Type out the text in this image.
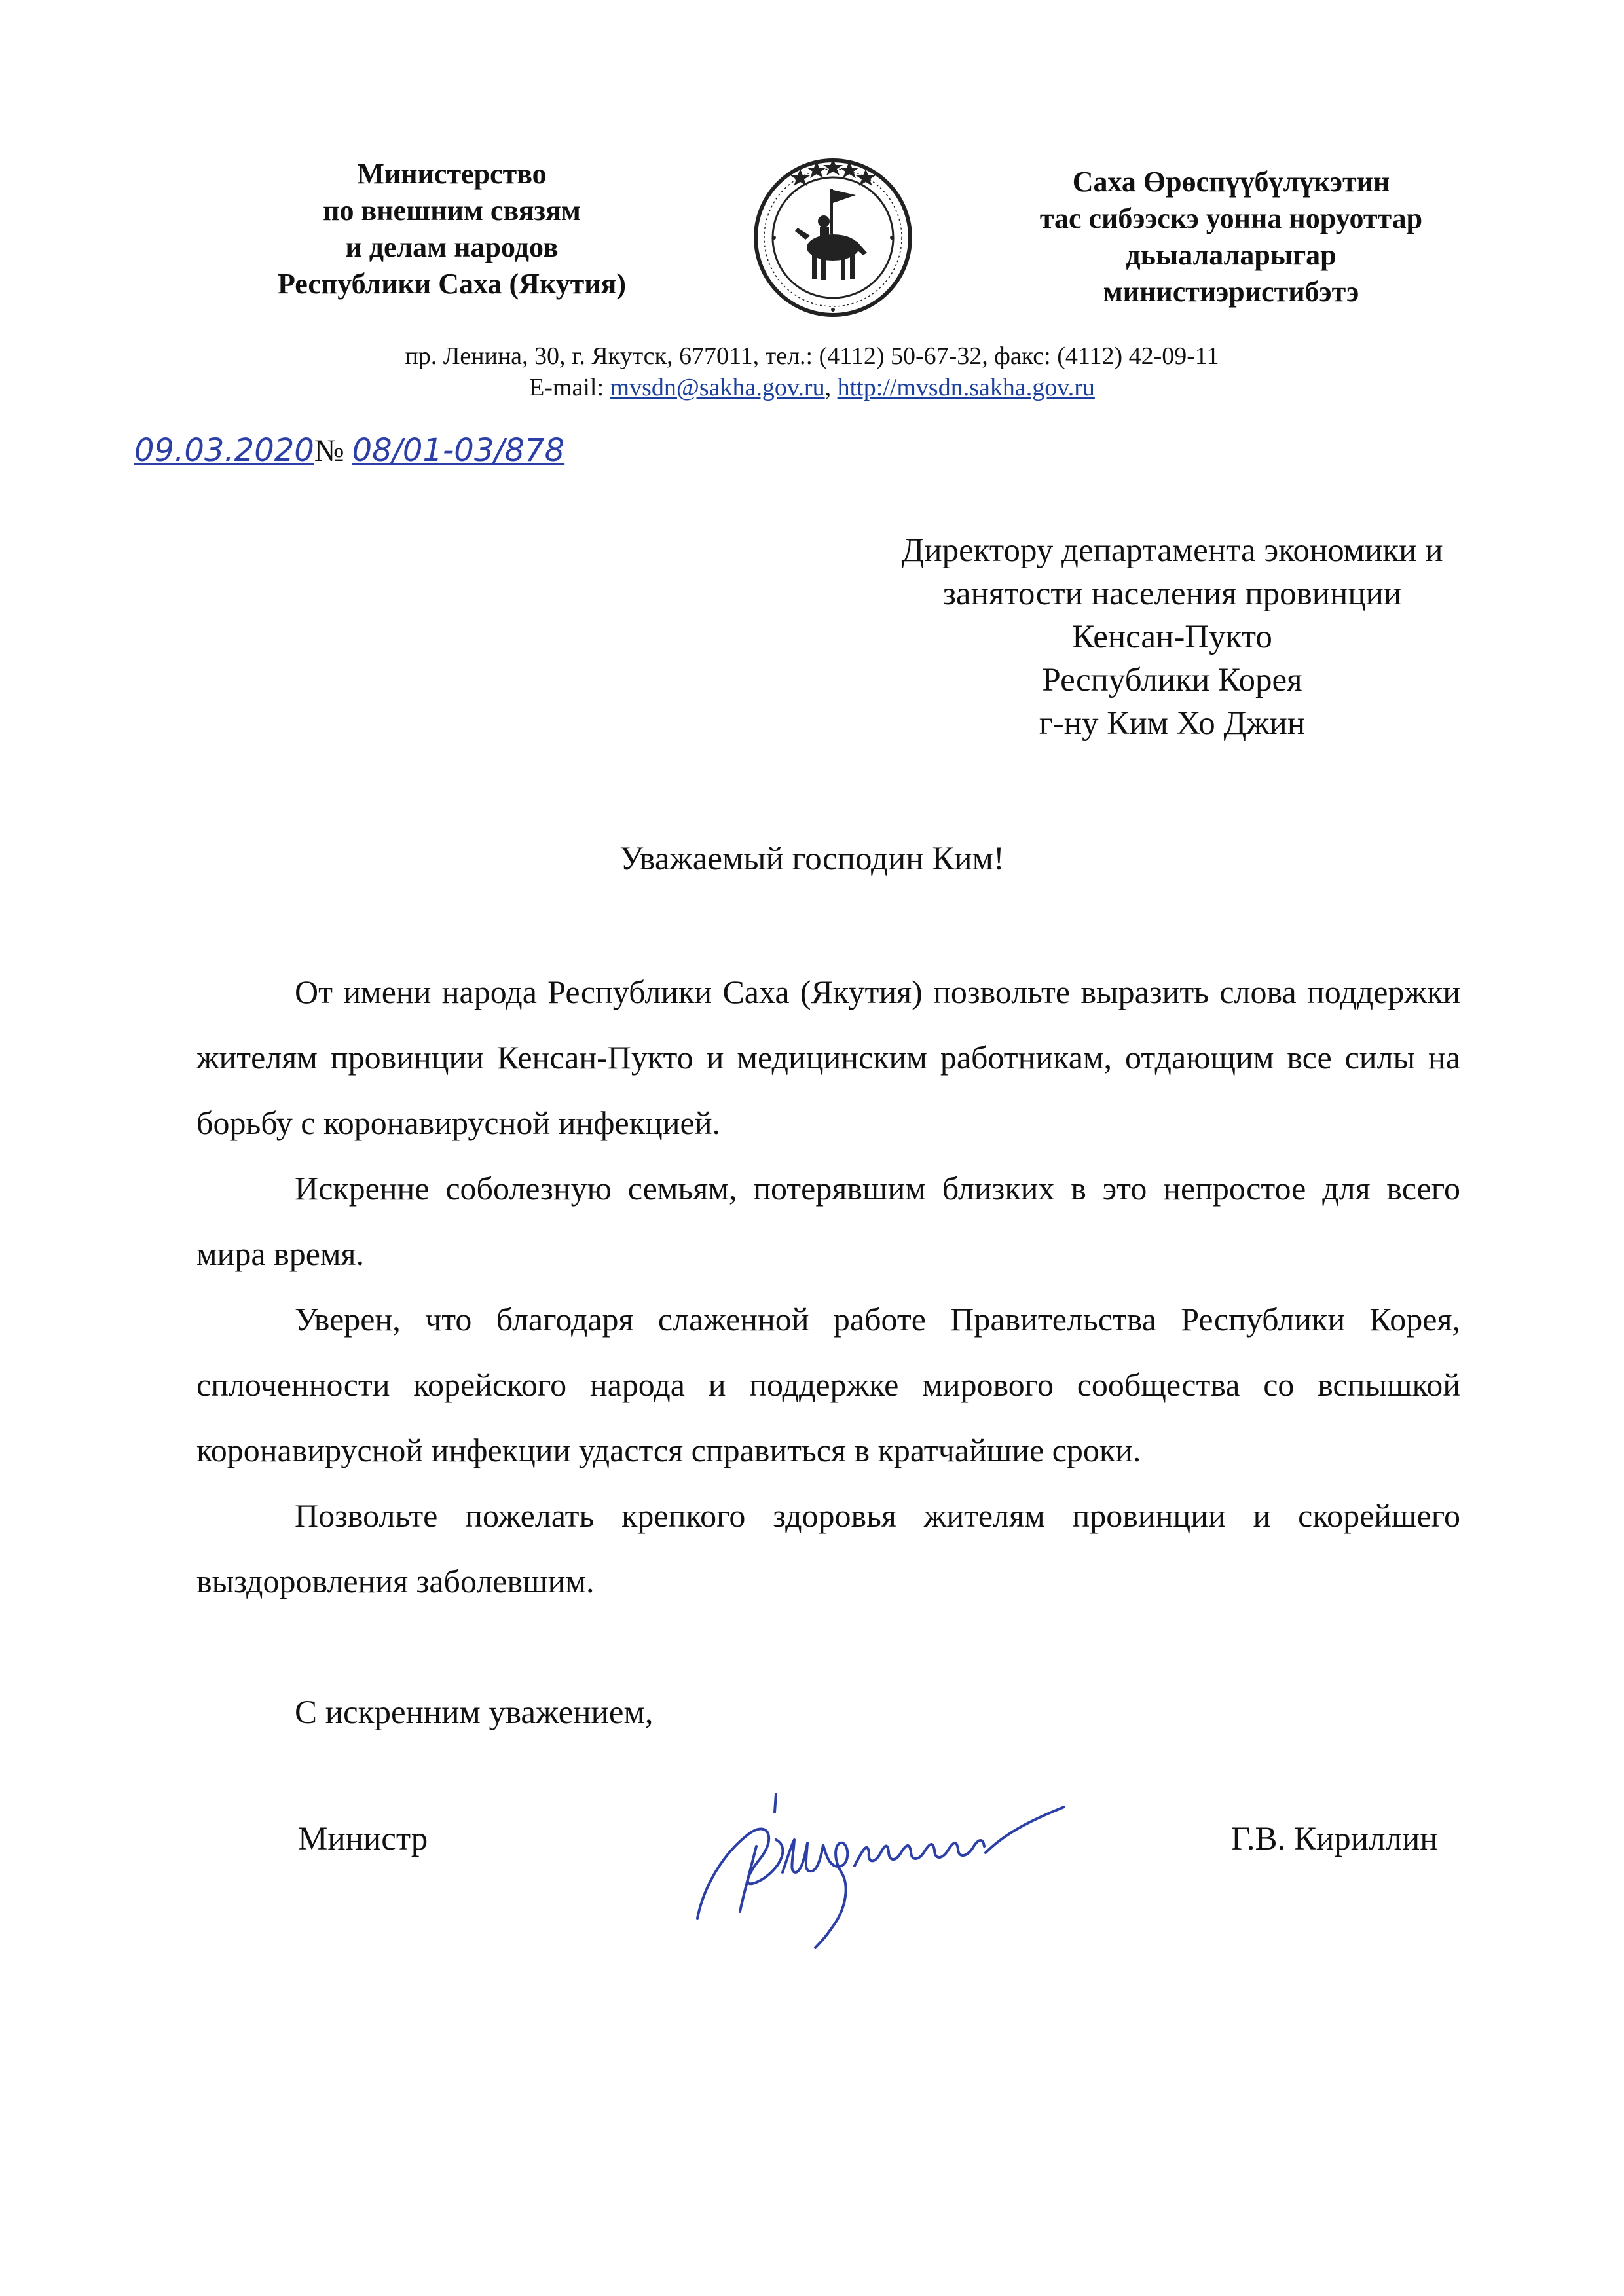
Министерство
по внешним связям
и делам народов
Республики Саха (Якутия)
Саха Өрөспүүбүлүкэтин
тас сибээскэ уонна норуоттар
дьыалаларыгар
министиэристибэтэ
пр. Ленина, 30, г. Якутск, 677011, тел.: (4112) 50-67-32, факс: (4112) 42-09-11
E-mail: mvsdn@sakha.gov.ru, http://mvsdn.sakha.gov.ru
09.03.2020№ 08/01-03/878
Директору департамента экономики и
занятости населения провинции
Кенсан-Пукто
Республики Корея
г-ну Ким Хо Джин
Уважаемый господин Ким!

От имени народа Республики Саха (Якутия) позвольте выразить слова поддержки жителям провинции Кенсан-Пукто и медицинским работникам, отдающим все силы на борьбу с коронавирусной инфекцией.

Искренне соболезную семьям, потерявшим близких в это непростое для всего мира время.

Уверен, что благодаря слаженной работе Правительства Республики Корея, сплоченности корейского народа и поддержке мирового сообщества со вспышкой коронавирусной инфекции удастся справиться в кратчайшие сроки.

Позвольте пожелать крепкого здоровья жителям провинции и скорейшего выздоровления заболевшим.

С искренним уважением,
Министр	Г.В. Кириллин
